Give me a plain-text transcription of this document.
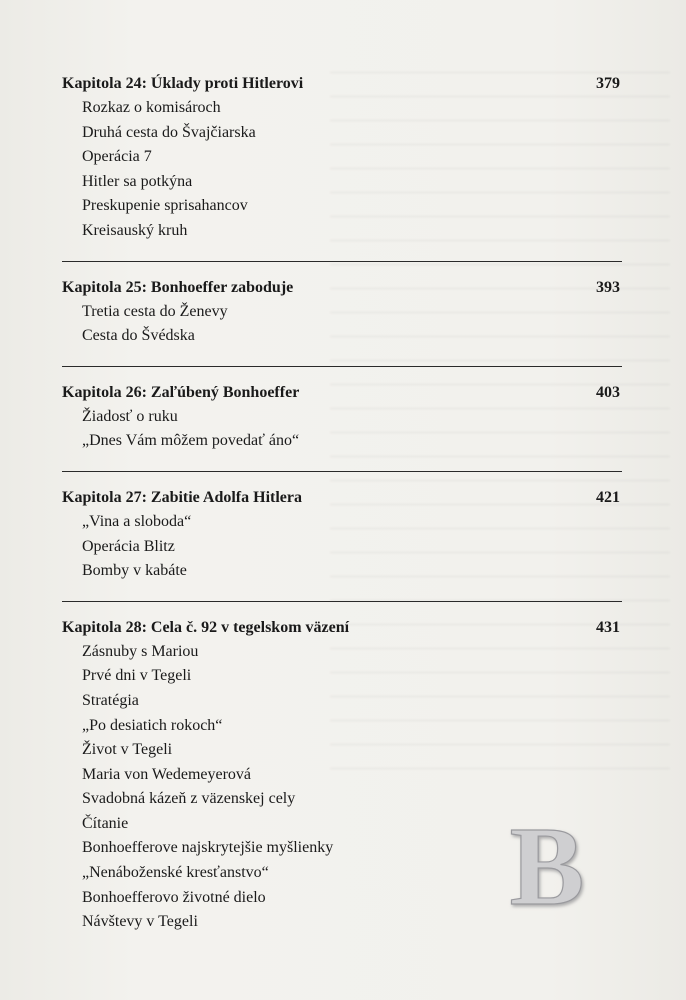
Kapitola 24: Úklady proti Hitlerovi	379
Rozkaz o komisároch
Druhá cesta do Švajčiarska
Operácia 7
Hitler sa potkýna
Preskupenie sprisahancov
Kreisauský kruh
Kapitola 25: Bonhoeffer zaboduje	393
Tretia cesta do Ženevy
Cesta do Švédska
Kapitola 26: Zaľúbený Bonhoeffer	403
Žiadosť o ruku
„Dnes Vám môžem povedať áno“
Kapitola 27: Zabitie Adolfa Hitlera	421
„Vina a sloboda“
Operácia Blitz
Bomby v kabáte
Kapitola 28: Cela č. 92 v tegelskom väzení	431
Zásnuby s Mariou
Prvé dni v Tegeli
Stratégia
„Po desiatich rokoch“
Život v Tegeli
Maria von Wedemeyerová
Svadobná kázeň z väzenskej cely
Čítanie
Bonhoefferove najskrytejšie myšlienky
„Nenáboženské kresťanstvo“
Bonhoefferovo životné dielo
Návštevy v Tegeli	B
